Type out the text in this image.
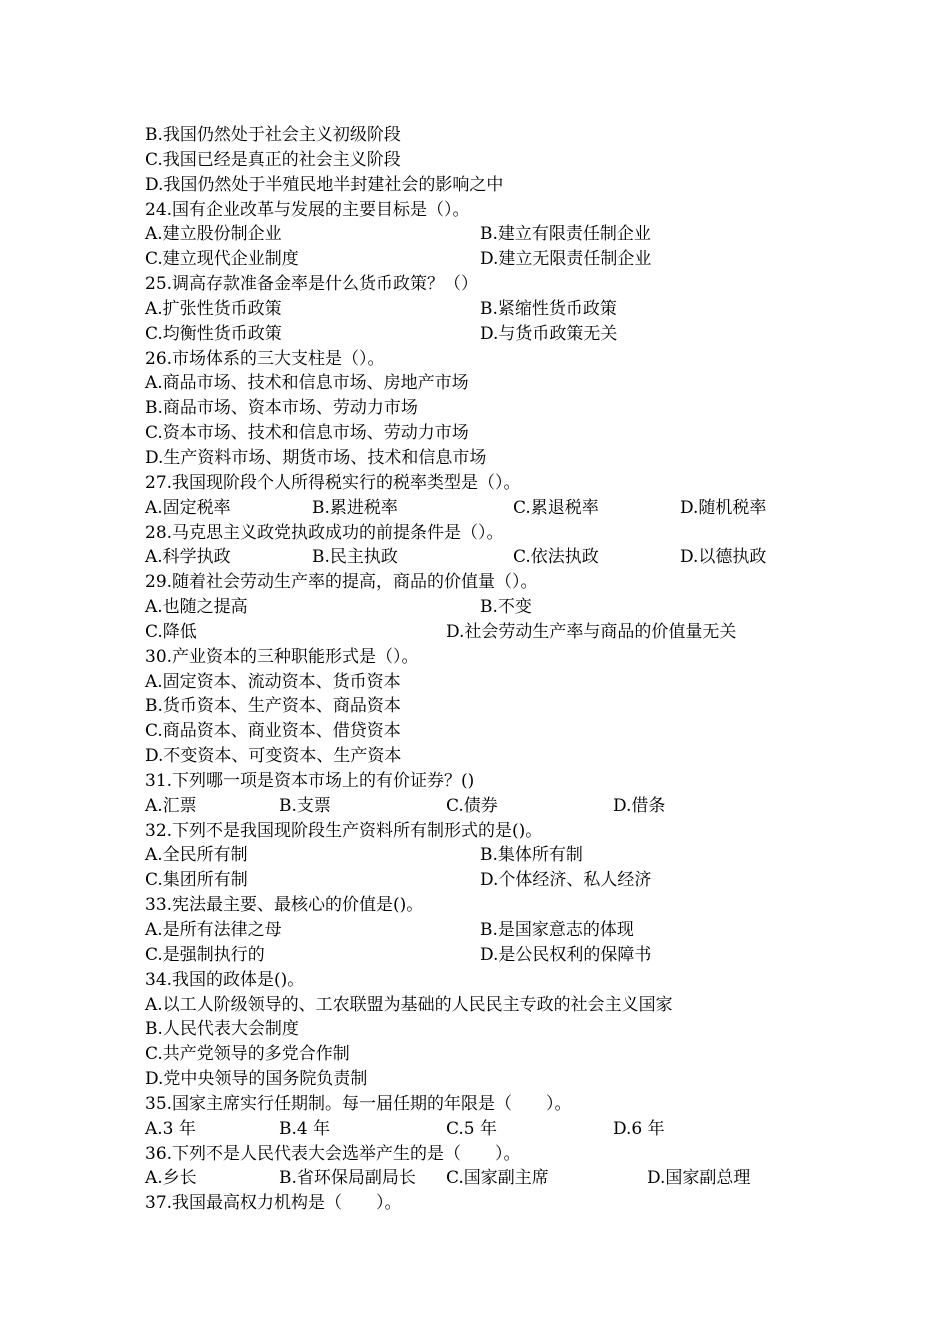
B.我国仍然处于社会主义初级阶段
C.我国已经是真正的社会主义阶段
D.我国仍然处于半殖民地半封建社会的影响之中
24.国有企业改革与发展的主要目标是（）。
A.建立股份制企业	B.建立有限责任制企业
C.建立现代企业制度	D.建立无限责任制企业
25.调高存款准备金率是什么货币政策？（）
A.扩张性货币政策	B.紧缩性货币政策
C.均衡性货币政策	D.与货币政策无关
26.市场体系的三大支柱是（）。
A.商品市场、技术和信息市场、房地产市场
B.商品市场、资本市场、劳动力市场
C.资本市场、技术和信息市场、劳动力市场
D.生产资料市场、期货市场、技术和信息市场
27.我国现阶段个人所得税实行的税率类型是（）。
A.固定税率	B.累进税率	C.累退税率	D.随机税率
28.马克思主义政党执政成功的前提条件是（）。
A.科学执政	B.民主执政	C.依法执政	D.以德执政
29.随着社会劳动生产率的提高，商品的价值量（）。
A.也随之提高	B.不变
C.降低	D.社会劳动生产率与商品的价值量无关
30.产业资本的三种职能形式是（）。
A.固定资本、流动资本、货币资本
B.货币资本、生产资本、商品资本
C.商品资本、商业资本、借贷资本
D.不变资本、可变资本、生产资本
31.下列哪一项是资本市场上的有价证券？()
A.汇票	B.支票	C.债券	D.借条
32.下列不是我国现阶段生产资料所有制形式的是()。
A.全民所有制	B.集体所有制
C.集团所有制	D.个体经济、私人经济
33.宪法最主要、最核心的价值是()。
A.是所有法律之母	B.是国家意志的体现
C.是强制执行的	D.是公民权利的保障书
34.我国的政体是()。
A.以工人阶级领导的、工农联盟为基础的人民民主专政的社会主义国家
B.人民代表大会制度
C.共产党领导的多党合作制
D.党中央领导的国务院负责制
35.国家主席实行任期制。每一届任期的年限是（　　）。
A.3 年	B.4 年	C.5 年	D.6 年
36.下列不是人民代表大会选举产生的是（　　）。
A.乡长	B.省环保局副局长 C.国家副主席	D.国家副总理
37.我国最高权力机构是（　　）。
